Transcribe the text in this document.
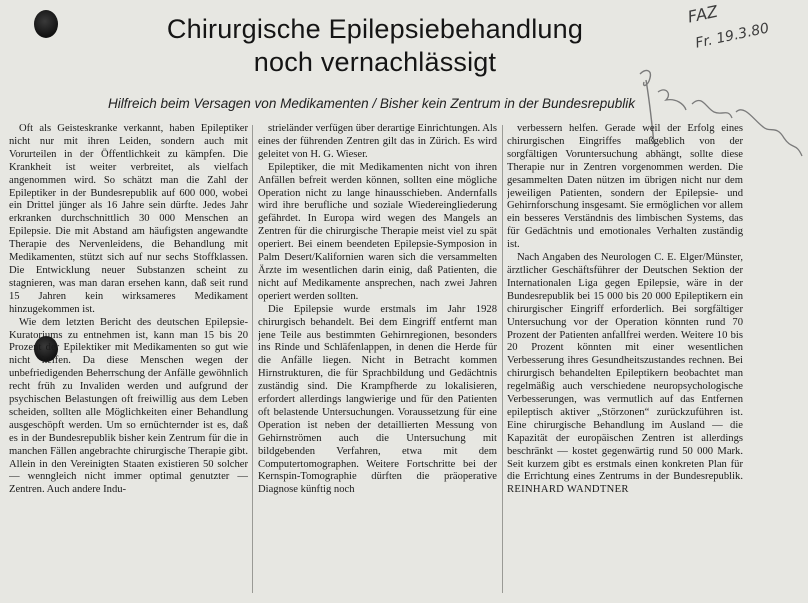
Chirurgische Epilepsiebehandlung
noch vernachlässigt

Hilfreich beim Versagen von Medikamenten / Bisher kein Zentrum in der Bundesrepublik

FAZ

Fr. 19.3.80

Oft als Geisteskranke verkannt, haben Epileptiker nicht nur mit ihren Leiden, sondern auch mit Vorurteilen in der Öffentlichkeit zu kämpfen. Die Krankheit ist weiter verbreitet, als vielfach angenommen wird. So schätzt man die Zahl der Epileptiker in der Bundesrepublik auf 600 000, wobei ein Drittel jünger als 16 Jahre sein dürfte. Jedes Jahr erkranken durchschnittlich 30 000 Menschen an Epilepsie. Die mit Abstand am häufigsten angewandte Therapie des Nervenleidens, die Behandlung mit Medikamenten, stützt sich auf nur sechs Stoffklassen. Die Entwicklung neuer Substanzen scheint zu stagnieren, was man daran ersehen kann, daß seit rund 15 Jahren kein wirksameres Medikament hinzugekommen ist.

Wie dem letzten Bericht des deutschen Epilepsie-Kuratoriums zu entnehmen ist, kann man 15 bis 20 Prozent der Epilektiker mit Medikamenten so gut wie nicht helfen. Da diese Menschen wegen der unbefriedigenden Beherrschung der Anfälle gewöhnlich recht früh zu Invaliden werden und aufgrund der psychischen Belastungen oft freiwillig aus dem Leben scheiden, sollten alle Möglichkeiten einer Behandlung ausgeschöpft werden. Um so ernüchternder ist es, daß es in der Bundesrepublik bisher kein Zentrum für die in manchen Fällen angebrachte chirurgische Therapie gibt. Allein in den Vereinigten Staaten existieren 50 solcher — wenngleich nicht immer optimal genutzter — Zentren. Auch andere Indu-

strieländer verfügen über derartige Einrichtungen. Als eines der führenden Zentren gilt das in Zürich. Es wird geleitet von H. G. Wieser.

Epileptiker, die mit Medikamenten nicht von ihren Anfällen befreit werden können, sollten eine mögliche Operation nicht zu lange hinausschieben. Andernfalls wird ihre berufliche und soziale Wiedereingliederung gefährdet. In Europa wird wegen des Mangels an Zentren für die chirurgische Therapie meist viel zu spät operiert. Bei einem beendeten Epilepsie-Symposion in Palm Desert/Kalifornien waren sich die versammelten Ärzte im wesentlichen darin einig, daß Patienten, die nicht auf Medikamente ansprechen, nach zwei Jahren operiert werden sollten.

Die Epilepsie wurde erstmals im Jahr 1928 chirurgisch behandelt. Bei dem Eingriff entfernt man jene Teile aus bestimmten Gehirnregionen, besonders ins Rinde und Schläfenlappen, in denen die Herde für die Anfälle liegen. Nicht in Betracht kommen Hirnstrukturen, die für Sprachbildung und Gedächtnis zuständig sind. Die Krampfherde zu lokalisieren, erfordert allerdings langwierige und für den Patienten oft belastende Untersuchungen. Voraussetzung für eine Operation ist neben der detaillierten Messung von Gehirnströmen auch die Untersuchung mit bildgebenden Verfahren, etwa mit dem Computertomographen. Weitere Fortschritte bei der Kernspin-Tomographie dürften die präoperative Diagnose künftig noch

verbessern helfen. Gerade weil der Erfolg eines chirurgischen Eingriffes maßgeblich von der sorgfältigen Voruntersuchung abhängt, sollte diese Therapie nur in Zentren vorgenommen werden. Die gesammelten Daten nützen im übrigen nicht nur dem jeweiligen Patienten, sondern der Epilepsie- und Gehirnforschung insgesamt. Sie ermöglichen vor allem ein besseres Verständnis des limbischen Systems, das für Gedächtnis und emotionales Verhalten zuständig ist.

Nach Angaben des Neurologen C. E. Elger/Münster, ärztlicher Geschäftsführer der Deutschen Sektion der Internationalen Liga gegen Epilepsie, wäre in der Bundesrepublik bei 15 000 bis 20 000 Epileptikern ein chirurgischer Eingriff erforderlich. Bei sorgfältiger Untersuchung vor der Operation könnten rund 70 Prozent der Patienten anfallfrei werden. Weitere 10 bis 20 Prozent könnten mit einer wesentlichen Verbesserung ihres Gesundheitszustandes rechnen. Bei chirurgisch behandelten Epileptikern beobachtet man regelmäßig auch verschiedene neuropsychologische Verbesserungen, was vermutlich auf das Entfernen epileptisch aktiver „Störzonen“ zurückzuführen ist. Eine chirurgische Behandlung im Ausland — die Kapazität der europäischen Zentren ist allerdings beschränkt — kostet gegenwärtig rund 50 000 Mark. Seit kurzem gibt es erstmals einen konkreten Plan für die Errichtung eines Zentrums in der Bundesrepublik. REINHARD WANDTNER
